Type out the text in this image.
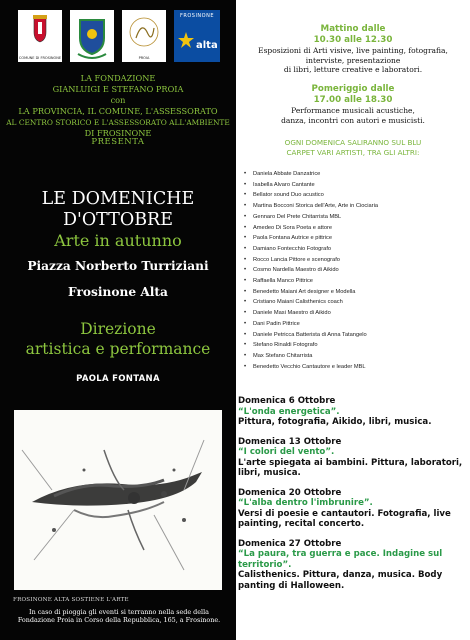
COMUNE DI FROSINONE	PROIA
FROSINONE
alta
LA FONDAZIONE
GIANLUIGI E STEFANO PROIA
con
LA PROVINCIA, IL COMUNE, L'ASSESSORATO
AL CENTRO STORICO E L'ASSESSORATO ALL'AMBIENTE
DI FROSINONE
PRESENTA
LE DOMENICHE
D'OTTOBRE
Arte in autunno
Piazza Norberto Turriziani
Frosinone Alta
Direzione
artistica e performance
PAOLA FONTANA
FROSINONE ALTA SOSTIENE L'ARTE
In caso di pioggia gli eventi si terranno nella sede della
Fondazione Proia in Corso della Repubblica, 165, a Frosinone.
Mattino dalle
10.30 alle 12.30
Esposizioni di Arti visive, live painting, fotografia,
interviste, presentazione
di libri, letture creative e laboratori.
Pomeriggio dalle
17.00 alle 18.30
Performance musicali acustiche,
danza, incontri con autori e musicisti.
OGNI DOMENICA SALIRANNO SUL BLU
CARPET VARI ARTISTI, TRA GLI ALTRI:
• Daniela Abbate Danzatrice
• Isabella Alvaro Cantante
• Bellator sound Duo acustico
• Martina Bocconi Storica dell'Arte, Arte in Ciociaria
• Gennaro Del Prete Chitarrista MBL
• Amedeo Di Sora Poeta e attore
• Paola Fontana Autrice e pittrice
• Damiano Fontecchio Fotografo
• Rocco Lancia Pittore e scenografo
• Cosmo Nardella Maestro di Aikido
• Raffaella Manco Pittrice
• Benedetto Maiani Art designer e Modella
• Cristiano Maiani Calisthenics coach
• Daniele Masi Maestro di Aikido
• Dani Padin Pittrice
• Daniele Petricca Batterista di Anna Tatangelo
• Stefano Rinaldi Fotografo
• Max Stefano Chitarrista
• Benedetto Vecchio Cantautore e leader MBL
Domenica 6 Ottobre
“L'onda energetica”.
Pittura, fotografia, Aikido, libri, musica.
Domenica 13 Ottobre
“I colori del vento”.
L'arte spiegata ai bambini. Pittura, laboratori, libri, musica.
Domenica 20 Ottobre
“L'alba dentro l'imbrunire”.
Versi di poesie e cantautori. Fotografia, live painting, recital concerto.
Domenica 27 Ottobre
“La paura, tra guerra e pace. Indagine sul territorio”.
Calisthenics. Pittura, danza, musica. Body panting di Halloween.
